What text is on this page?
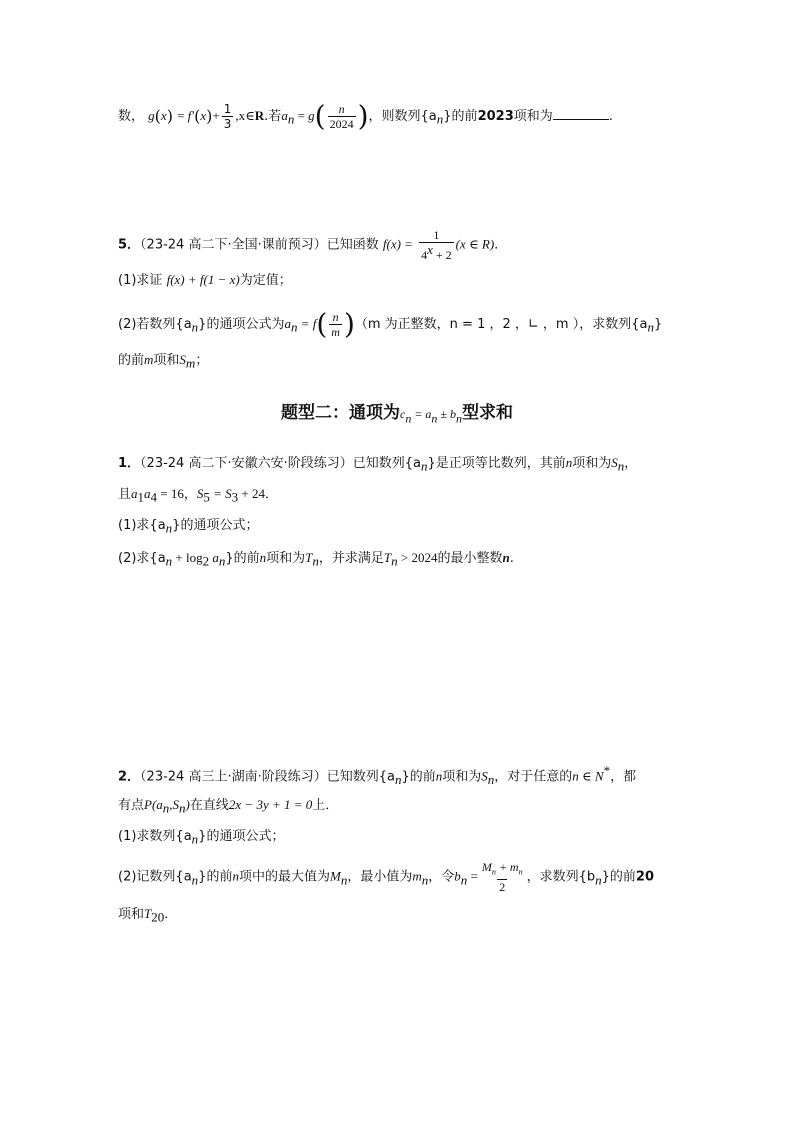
数， $g(x) = f'(x)+ \frac{1}{3}$ ,x∈R.若$a_n = g( \frac{n}{2024}$ )，则数列$\{a_n\}$的前2023项和为	.
5．（23-24 高二下·全国·课前预习）已知函数 $f(x) = \frac{1}{4^x + 2} (x$ ∈ R).
(1)求证 f(x) + f(1 − x)为定值；
(2)若数列$\{a_n\}$的通项公式为$a_n = f( \frac{n}{m} )(m$ 为正整数，n = 1 ，2 ，∟ ，m ），求数列$\{a_n\}$
的前m项和$S_m$；
题型二：通项为$c_n = a_n \pm b_n$型求和
1．（23-24 高二下·安徽六安·阶段练习）已知数列$\{a_n\}$是正项等比数列，其前n项和为$S_n$，
且$a_1a_4 = 16$，$S_5 = S_3 + 24$．
(1)求$\{a_n\}$的通项公式；
(2)求$\{a_n + \log_2 a_n\}$的前n项和为$T_n$，并求满足$T_n > 2024$的最小整数n.
2．（23-24 高三上·湖南·阶段练习）已知数列$\{a_n\}$的前n项和为$S_n$，对于任意的n ∈ N*，都
有点$P(a_n,S_n)$在直线2x − 3y + 1 = 0上．
(1)求数列$\{a_n\}$的通项公式；
(2)记数列$\{a_n\}$的前n项中的最大值为$M_n$，最小值为$m_n$，令$b_n = \frac{M_n + m_n}{2}$ ，求数列$\{b_n\}$的前20
项和$T_{20}$．
